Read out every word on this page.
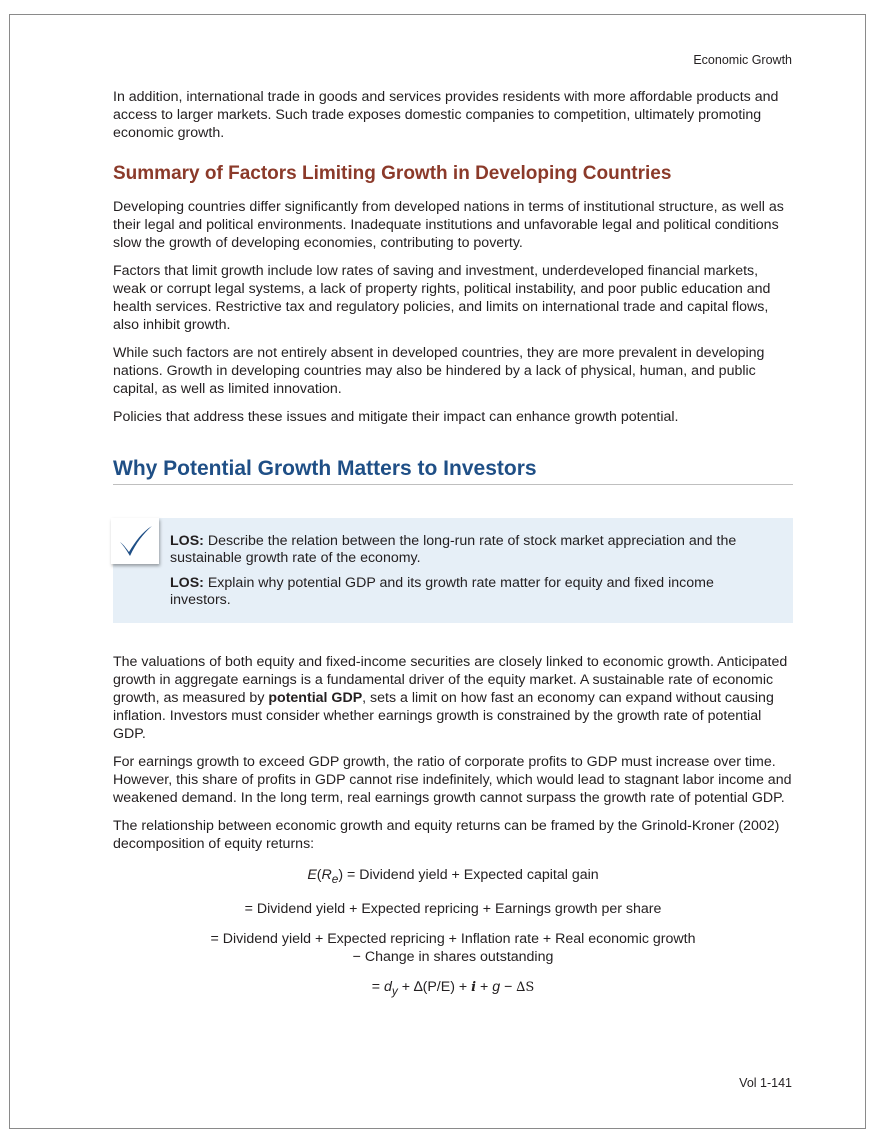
Economic Growth

In addition, international trade in goods and services provides residents with more affordable products and access to larger markets. Such trade exposes domestic companies to competition, ultimately promoting economic growth.

Summary of Factors Limiting Growth in Developing Countries

Developing countries differ significantly from developed nations in terms of institutional structure, as well as their legal and political environments. Inadequate institutions and unfavorable legal and political conditions slow the growth of developing economies, contributing to poverty.

Factors that limit growth include low rates of saving and investment, underdeveloped financial markets, weak or corrupt legal systems, a lack of property rights, political instability, and poor public education and health services. Restrictive tax and regulatory policies, and limits on international trade and capital flows, also inhibit growth.

While such factors are not entirely absent in developed countries, they are more prevalent in developing nations. Growth in developing countries may also be hindered by a lack of physical, human, and public capital, as well as limited innovation.

Policies that address these issues and mitigate their impact can enhance growth potential.

Why Potential Growth Matters to Investors

LOS: Describe the relation between the long-run rate of stock market appreciation and the sustainable growth rate of the economy.

LOS: Explain why potential GDP and its growth rate matter for equity and fixed income investors.

The valuations of both equity and fixed-income securities are closely linked to economic growth. Anticipated growth in aggregate earnings is a fundamental driver of the equity market. A sustainable rate of economic growth, as measured by potential GDP, sets a limit on how fast an economy can expand without causing inflation. Investors must consider whether earnings growth is constrained by the growth rate of potential GDP.

For earnings growth to exceed GDP growth, the ratio of corporate profits to GDP must increase over time. However, this share of profits in GDP cannot rise indefinitely, which would lead to stagnant labor income and weakened demand. In the long term, real earnings growth cannot surpass the growth rate of potential GDP.

The relationship between economic growth and equity returns can be framed by the Grinold-Kroner (2002) decomposition of equity returns:

$E(R_e)$ = Dividend yield + Expected capital gain

= Dividend yield + Expected repricing + Earnings growth per share

= Dividend yield + Expected repricing + Inflation rate + Real economic growth
− Change in shares outstanding

= $d_y + \Delta(P/E) + i + g - \Delta S$

Vol 1-141
